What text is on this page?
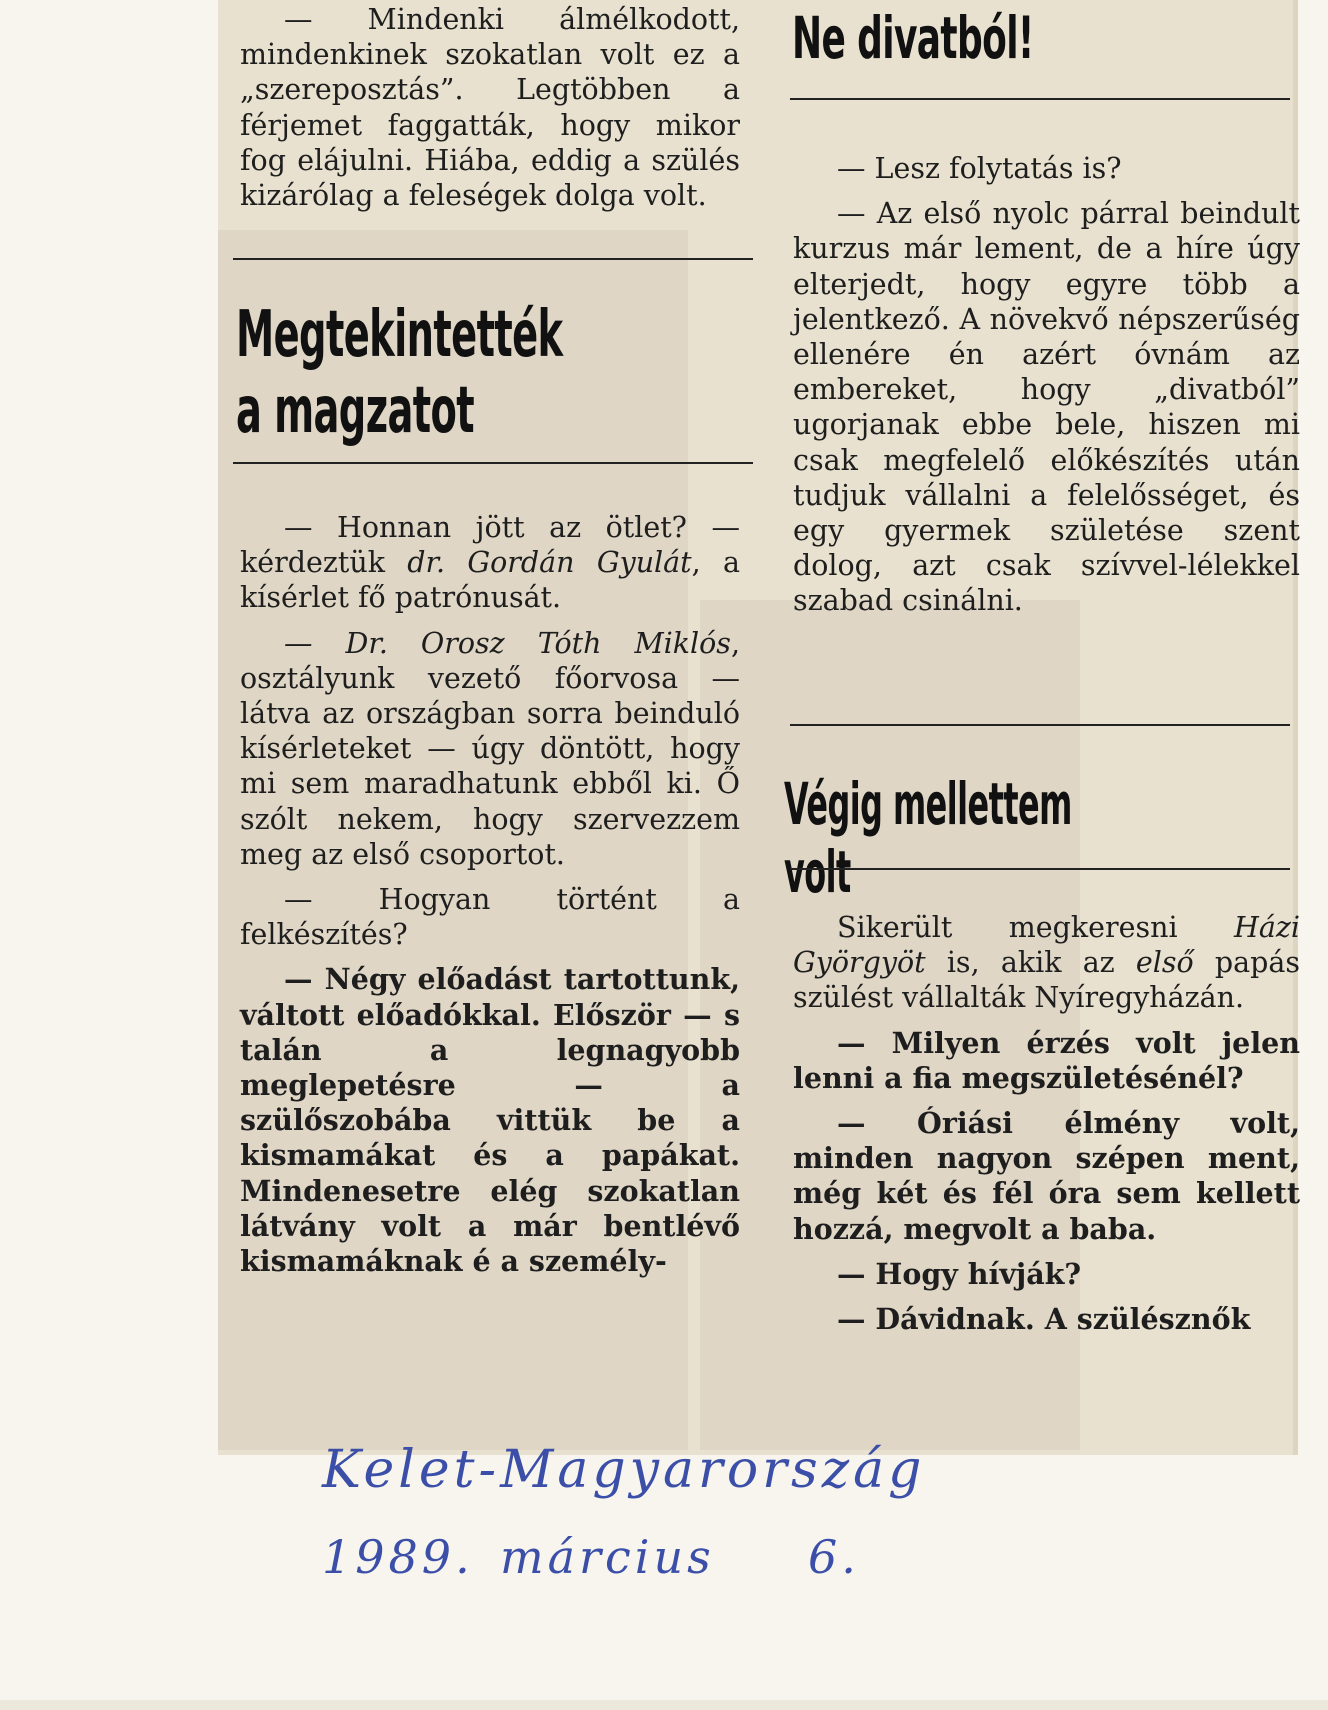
— Mindenki álmélkodott, mindenkinek szokatlan volt ez a „szereposztás”. Legtöbben a férjemet faggatták, hogy mikor fog elájulni. Hiába, eddig a szülés kizárólag a feleségek dolga volt.

Megtekintették
a magzatot

— Honnan jött az ötlet? — kérdeztük dr. Gordán Gyulát, a kísérlet fő patrónusát.

— Dr. Orosz Tóth Miklós, osztályunk vezető főorvosa — látva az országban sorra beinduló kísérleteket — úgy döntött, hogy mi sem maradhatunk ebből ki. Ő szólt nekem, hogy szervezzem meg az első csoportot.

— Hogyan történt a felkészítés?

— Négy előadást tartottunk, váltott előadókkal. Először — s talán a legnagyobb meglepetésre — a szülőszobába vittük be a kismamákat és a papákat. Mindenesetre elég szokatlan látvány volt a már bentlévő kismamáknak é a személy-

Ne divatból!

— Lesz folytatás is?

— Az első nyolc párral beindult kurzus már lement, de a híre úgy elterjedt, hogy egyre több a jelentkező. A növekvő népszerűség ellenére én azért óvnám az embereket, hogy „divatból” ugorjanak ebbe bele, hiszen mi csak megfelelő előkészítés után tudjuk vállalni a felelősséget, és egy gyermek születése szent dolog, azt csak szívvel-lélekkel szabad csinálni.

Végig mellettem volt

Sikerült megkeresni Házi Györgyöt is, akik az első papás szülést vállalták Nyíregyházán.

— Milyen érzés volt jelen lenni a fia megszületésénél?

— Óriási élmény volt, minden nagyon szépen ment, még két és fél óra sem kellett hozzá, megvolt a baba.

— Hogy hívják?

— Dávidnak. A szülésznők

Kelet-Magyarország
1989. március 6.
